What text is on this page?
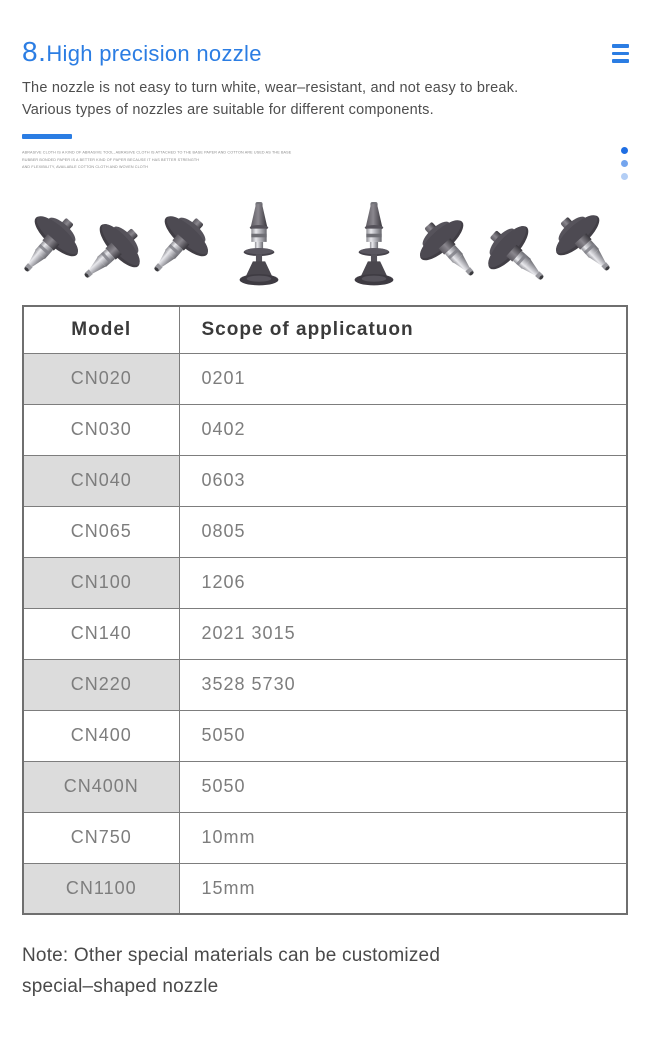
8.High precision nozzle
The nozzle is not easy to turn white, wear–resistant, and not easy to break.
Various types of nozzles are suitable for different components.
ABRASIVE CLOTH IS A KIND OF ABRASIVE TOOL, ABRASIVE CLOTH IS ATTACHED TO THE BASE PAPER AND COTTON ARE USED AS THE BASE
RUBBER BONDED PAPER IS A BETTER KIND OF PAPER BECAUSE IT HAS BETTER STRENGTH
AND FLEXIBILITY, AVAILABLE COTTON CLOTH AND WOVEN CLOTH
Model	Scope of applicatuon
CN020	0201
CN030	0402
CN040	0603
CN065	0805
CN100	1206
CN140	2021 3015
CN220	3528 5730
CN400	5050
CN400N	5050
CN750	10mm
CN1100	15mm
Note: Other special materials can be customized special–shaped nozzle
